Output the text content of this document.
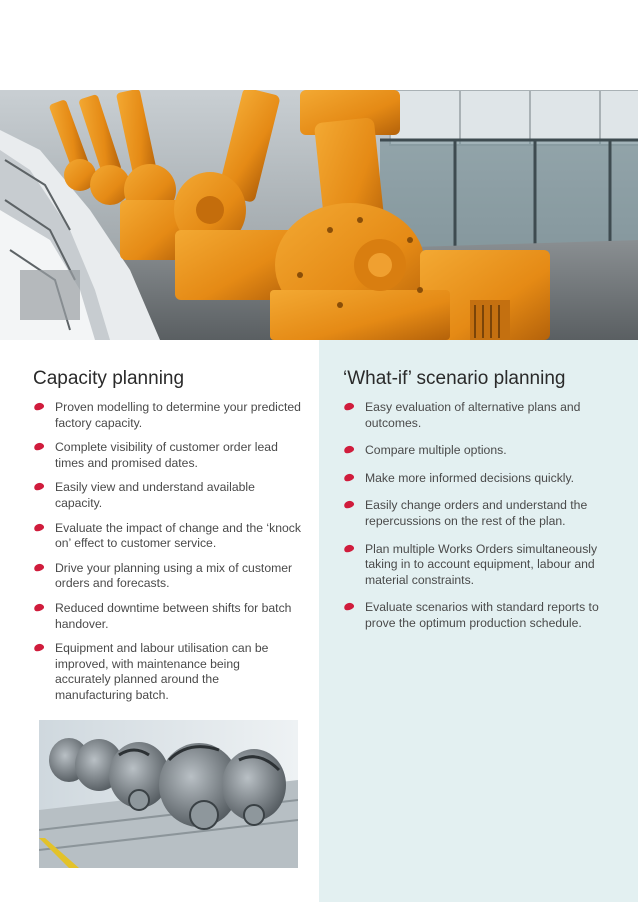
Capacity planning
Proven modelling to determine your predicted factory capacity.
Complete visibility of customer order lead times and promised dates.
Easily view and understand available capacity.
Evaluate the impact of change and the ‘knock on’ effect to customer service.
Drive your planning using a mix of customer orders and forecasts.
Reduced downtime between shifts for batch handover.
Equipment and labour utilisation can be improved, with maintenance being accurately planned around the manufacturing batch.
‘What-if’ scenario planning
Easy evaluation of alternative plans and outcomes.
Compare multiple options.
Make more informed decisions quickly.
Easily change orders and understand the repercussions on the rest of the plan.
Plan multiple Works Orders simultaneously taking in to account equipment, labour and material constraints.
Evaluate scenarios with standard reports to prove the optimum production schedule.
